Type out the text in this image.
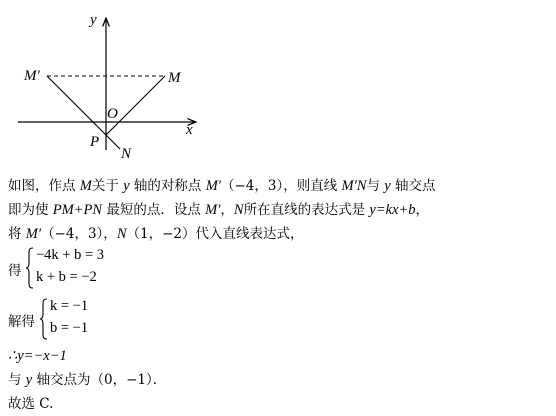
y
x
O
M′	M
P
N
如图，作点 M关于 y 轴的对称点 M′（−4，3），则直线 M′N与 y 轴交点
即为使 PM+PN 最短的点．设点 M′，N所在直线的表达式是 y=kx+b，
将 M′（−4，3），N（1，−2）代入直线表达式，
得
−4k + b = 3
k + b = −2
解得
k = −1
b = −1
∴y=−x−1
与 y 轴交点为（0，−1）．
故选 C.
